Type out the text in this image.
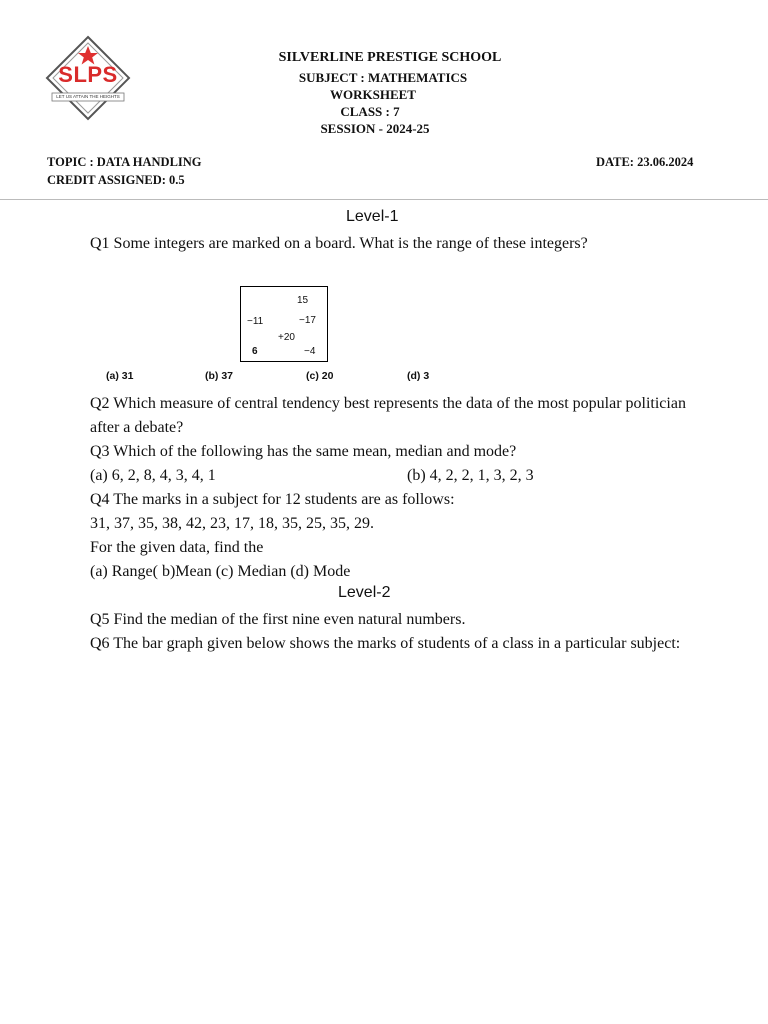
SLPS
LET US ATTAIN THE HEIGHTS
SILVERLINE PRESTIGE SCHOOL
SUBJECT : MATHEMATICS
WORKSHEET
CLASS : 7
SESSION - 2024-25
TOPIC : DATA HANDLING
CREDIT ASSIGNED: 0.5
DATE: 23.06.2024
Level-1
Q1 Some integers are marked on a board. What is the range of these integers?
15
−11	−17
+20
6	−4
(a) 31	(b) 37	(c) 20	(d) 3
Q2 Which measure of central tendency best represents the data of the most popular politician
after a debate?
Q3 Which of the following has the same mean, median and mode?
(a) 6, 2, 8, 4, 3, 4, 1	(b) 4, 2, 2, 1, 3, 2, 3
Q4 The marks in a subject for 12 students are as follows:
31, 37, 35, 38, 42, 23, 17, 18, 35, 25, 35, 29.
For the given data, find the
(a) Range( b)Mean (c) Median (d) Mode
Level-2
Q5 Find the median of the first nine even natural numbers.
Q6 The bar graph given below shows the marks of students of a class in a particular subject:
